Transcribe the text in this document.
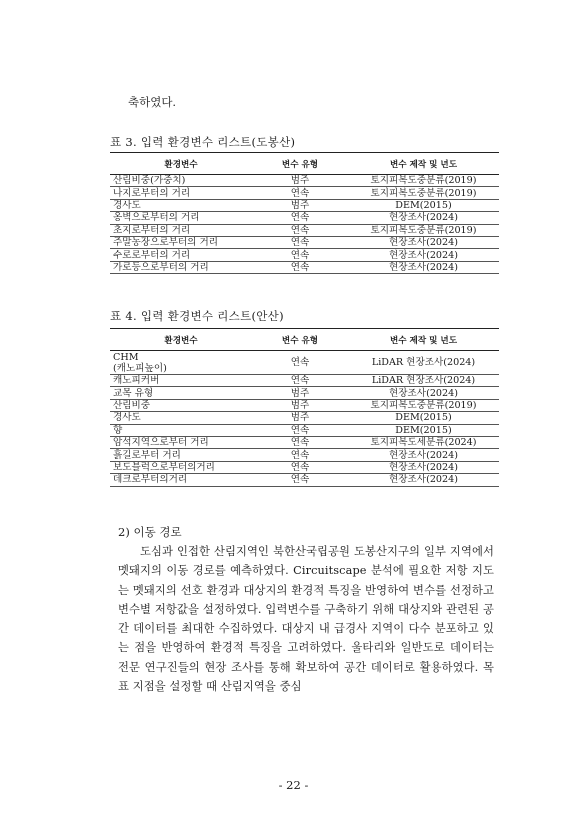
축하였다.
표 3. 입력 환경변수 리스트(도봉산)
환경변수	변수 유형	변수 제작 및 년도
산림비중(가중치)	범주	토지피복도중분류(2019)
나지로부터의 거리	연속	토지피복도중분류(2019)
경사도	범주	DEM(2015)
옹벽으로부터의 거리	연속	현장조사(2024)
초지로부터의 거리	연속	토지피복도중분류(2019)
주말농장으로부터의 거리	연속	현장조사(2024)
수로로부터의 거리	연속	현장조사(2024)
가로등으로부터의 거리	연속	현장조사(2024)
표 4. 입력 환경변수 리스트(안산)
환경변수	변수 유형	변수 제작 및 년도
CHM
(캐노피높이)	연속	LiDAR 현장조사(2024)
캐노피커버	연속	LiDAR 현장조사(2024)
교목 유형	범주	현장조사(2024)
산림비중	범주	토지피복도중분류(2019)
경사도	범주	DEM(2015)
향	연속	DEM(2015)
암석지역으로부터 거리	연속	토지피복도세분류(2024)
흙길로부터 거리	연속	현장조사(2024)
보도블럭으로부터의거리	연속	현장조사(2024)
데크로부터의거리	연속	현장조사(2024)
2) 이동 경로
도심과 인접한 산림지역인 북한산국립공원 도봉산지구의 일부 지역에서 멧돼지의 이동 경로를 예측하였다. Circuitscape 분석에 필요한 저항 지도는 멧돼지의 선호 환경과 대상지의 환경적 특징을 반영하여 변수를 선정하고 변수별 저항값을 설정하였다. 입력변수를 구축하기 위해 대상지와 관련된 공간 데이터를 최대한 수집하였다. 대상지 내 급경사 지역이 다수 분포하고 있는 점을 반영하여 환경적 특징을 고려하였다. 울타리와 일반도로 데이터는 전문 연구진들의 현장 조사를 통해 확보하여 공간 데이터로 활용하였다. 목표 지점을 설정할 때 산림지역을 중심
- 22 -
